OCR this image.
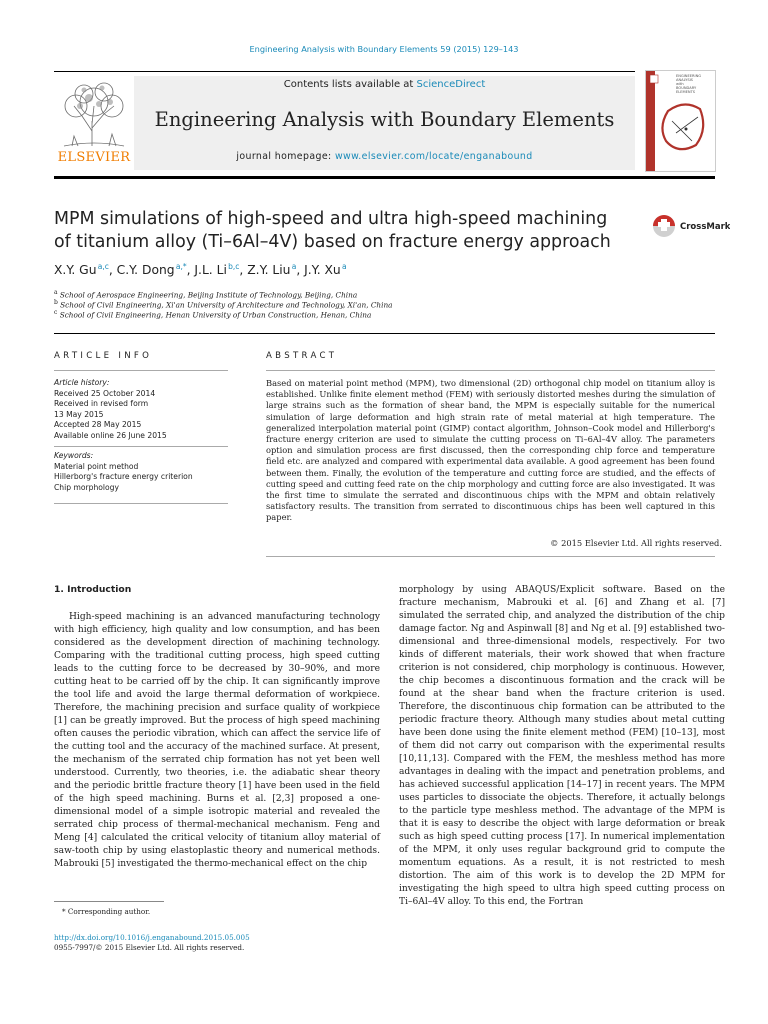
Engineering Analysis with Boundary Elements 59 (2015) 129–143
ELSEVIER
Contents lists available at ScienceDirect
Engineering Analysis with Boundary Elements
journal homepage: www.elsevier.com/locate/enganabound
ENGINEERING
ANALYSIS
with
BOUNDARY
ELEMENTS
MPM simulations of high-speed and ultra high-speed machining of titanium alloy (Ti–6Al–4V) based on fracture energy approach
CrossMark
X.Y. Gu $^{a,c}$, C.Y. Dong $^{a,*}$, J.L. Li $^{b,c}$, Z.Y. Liu $^a$, J.Y. Xu $^a$
$^a$ School of Aerospace Engineering, Beijing Institute of Technology, Beijing, China
$^b$ School of Civil Engineering, Xi'an University of Architecture and Technology, Xi'an, China
$^c$ School of Civil Engineering, Henan University of Urban Construction, Henan, China
ARTICLE INFO
Article history:
Received 25 October 2014
Received in revised form
13 May 2015
Accepted 28 May 2015
Available online 26 June 2015
Keywords:
Material point method
Hillerborg's fracture energy criterion
Chip morphology
ABSTRACT
Based on material point method (MPM), two dimensional (2D) orthogonal chip model on titanium alloy is established. Unlike finite element method (FEM) with seriously distorted meshes during the simulation of large strains such as the formation of shear band, the MPM is especially suitable for the numerical simulation of large deformation and high strain rate of metal material at high temperature. The generalized interpolation material point (GIMP) contact algorithm, Johnson–Cook model and Hillerborg's fracture energy criterion are used to simulate the cutting process on Ti–6Al–4V alloy. The parameters option and simulation process are first discussed, then the corresponding chip force and temperature field etc. are analyzed and compared with experimental data available. A good agreement has been found between them. Finally, the evolution of the temperature and cutting force are studied, and the effects of cutting speed and cutting feed rate on the chip morphology and cutting force are also investigated. It was the first time to simulate the serrated and discontinuous chips with the MPM and obtain relatively satisfactory results. The transition from serrated to discontinuous chips has been well captured in this paper.
© 2015 Elsevier Ltd. All rights reserved.
1. Introduction
High-speed machining is an advanced manufacturing technology with high efficiency, high quality and low consumption, and has been considered as the development direction of machining technology. Comparing with the traditional cutting process, high speed cutting leads to the cutting force to be decreased by 30–90%, and more cutting heat to be carried off by the chip. It can significantly improve the tool life and avoid the large thermal deformation of workpiece. Therefore, the machining precision and surface quality of workpiece [1] can be greatly improved. But the process of high speed machining often causes the periodic vibration, which can affect the service life of the cutting tool and the accuracy of the machined surface. At present, the mechanism of the serrated chip formation has not yet been well understood. Currently, two theories, i.e. the adiabatic shear theory and the periodic brittle fracture theory [1] have been used in the field of the high speed machining. Burns et al. [2,3] proposed a one-dimensional model of a simple isotropic material and revealed the serrated chip process of thermal-mechanical mechanism. Feng and Meng [4] calculated the critical velocity of titanium alloy material of saw-tooth chip by using elastoplastic theory and numerical methods. Mabrouki [5] investigated the thermo-mechanical effect on the chip
morphology by using ABAQUS/Explicit software. Based on the fracture mechanism, Mabrouki et al. [6] and Zhang et al. [7] simulated the serrated chip, and analyzed the distribution of the chip damage factor. Ng and Aspinwall [8] and Ng et al. [9] established two-dimensional and three-dimensional models, respectively. For two kinds of different materials, their work showed that when fracture criterion is not considered, chip morphology is continuous. However, the chip becomes a discontinuous formation and the crack will be found at the shear band when the fracture criterion is used. Therefore, the discontinuous chip formation can be attributed to the periodic fracture theory. Although many studies about metal cutting have been done using the finite element method (FEM) [10–13], most of them did not carry out comparison with the experimental results [10,11,13]. Compared with the FEM, the meshless method has more advantages in dealing with the impact and penetration problems, and has achieved successful application [14–17] in recent years. The MPM uses particles to dissociate the objects. Therefore, it actually belongs to the particle type meshless method. The advantage of the MPM is that it is easy to describe the object with large deformation or break such as high speed cutting process [17]. In numerical implementation of the MPM, it only uses regular background grid to compute the momentum equations. As a result, it is not restricted to mesh distortion. The aim of this work is to develop the 2D MPM for investigating the high speed to ultra high speed cutting process on Ti–6Al–4V alloy. To this end, the Fortran
* Corresponding author.
http://dx.doi.org/10.1016/j.enganabound.2015.05.005
0955-7997/© 2015 Elsevier Ltd. All rights reserved.
